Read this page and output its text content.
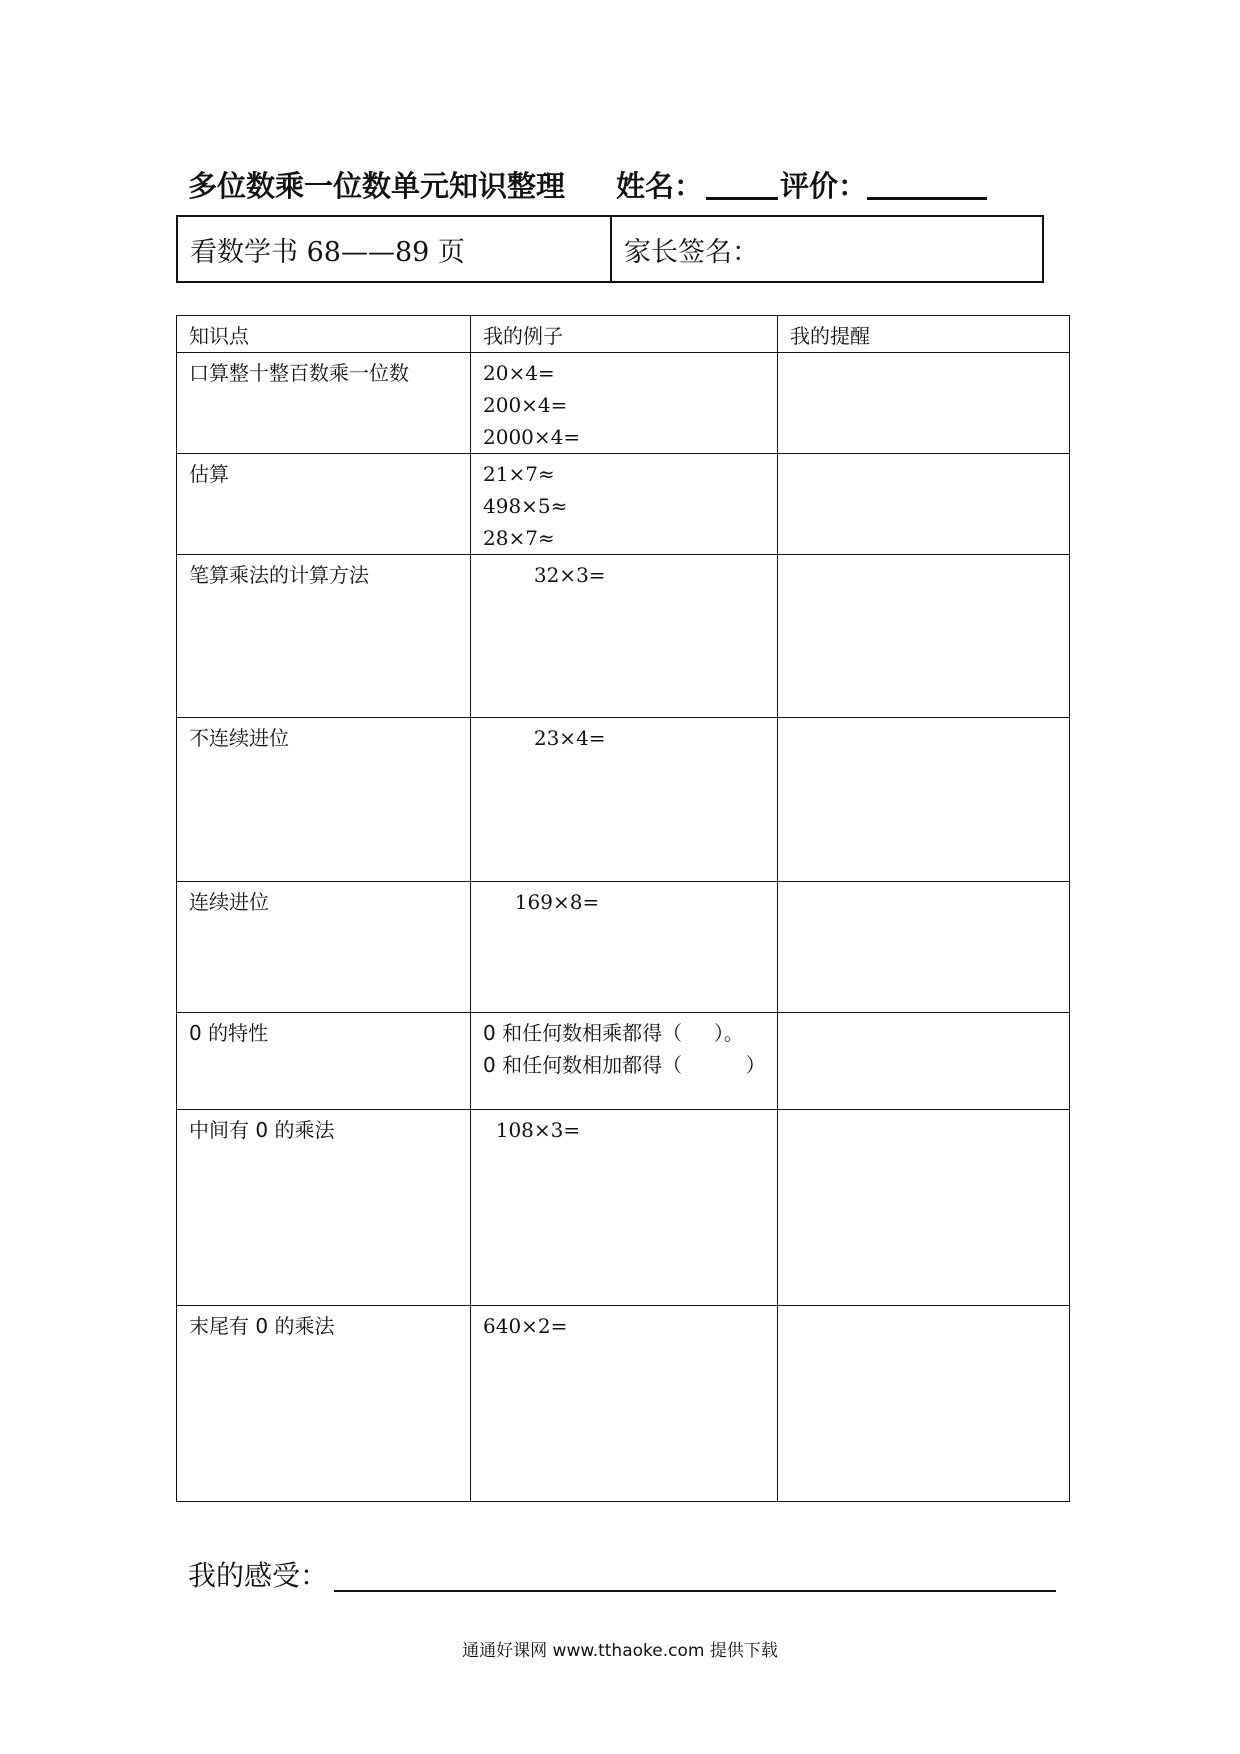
多位数乘一位数单元知识整理 姓名：	评价：
看数学书 68——89 页	家长签名：
知识点	我的例子	我的提醒
口算整十整百数乘一位数	20×4=
200×4=
2000×4=	

估算	21×7≈
498×5≈
28×7≈	

笔算乘法的计算方法	32×3=	

不连续进位	23×4=	

连续进位	169×8=	

0 的特性	0 和任何数相乘都得（     ）。
0 和任何数相加都得（          ）	

中间有 0 的乘法	108×3=	

末尾有 0 的乘法	640×2=	

我的感受：
通通好课网 www.tthaoke.com 提供下载
